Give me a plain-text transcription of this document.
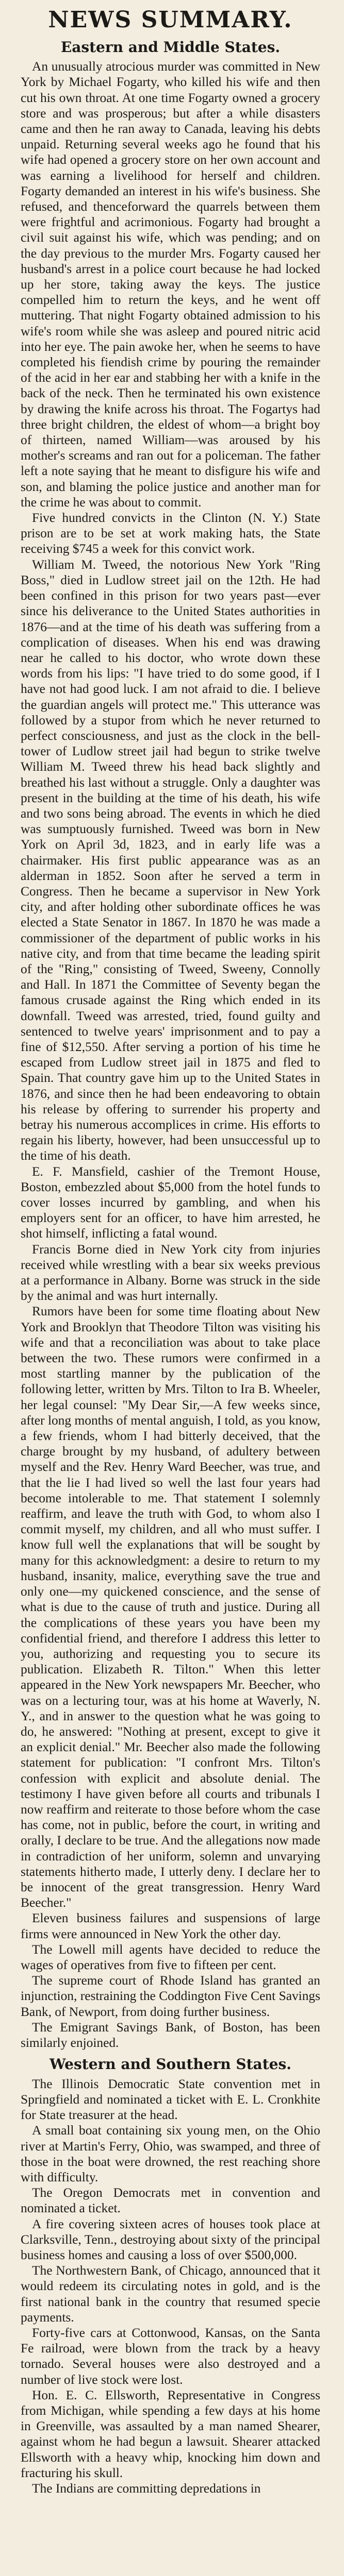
NEWS SUMMARY.
Eastern and Middle States.

An unusually atrocious murder was committed in New York by Michael Fogarty, who killed his wife and then cut his own throat. At one time Fogarty owned a grocery store and was prosperous; but after a while disasters came and then he ran away to Canada, leaving his debts unpaid. Returning several weeks ago he found that his wife had opened a grocery store on her own account and was earning a livelihood for herself and children. Fogarty demanded an interest in his wife's business. She refused, and thenceforward the quarrels between them were frightful and acrimonious. Fogarty had brought a civil suit against his wife, which was pending; and on the day previous to the murder Mrs. Fogarty caused her husband's arrest in a police court because he had locked up her store, taking away the keys. The justice compelled him to return the keys, and he went off muttering. That night Fogarty obtained admission to his wife's room while she was asleep and poured nitric acid into her eye. The pain awoke her, when he seems to have completed his fiendish crime by pouring the remainder of the acid in her ear and stabbing her with a knife in the back of the neck. Then he terminated his own existence by drawing the knife across his throat. The Fogartys had three bright children, the eldest of whom—a bright boy of thirteen, named William—was aroused by his mother's screams and ran out for a policeman. The father left a note saying that he meant to disfigure his wife and son, and blaming the police justice and another man for the crime he was about to commit.

Five hundred convicts in the Clinton (N. Y.) State prison are to be set at work making hats, the State receiving $745 a week for this convict work.

William M. Tweed, the notorious New York "Ring Boss," died in Ludlow street jail on the 12th. He had been confined in this prison for two years past—ever since his deliverance to the United States authorities in 1876—and at the time of his death was suffering from a complication of diseases. When his end was drawing near he called to his doctor, who wrote down these words from his lips: "I have tried to do some good, if I have not had good luck. I am not afraid to die. I believe the guardian angels will protect me." This utterance was followed by a stupor from which he never returned to perfect consciousness, and just as the clock in the bell-tower of Ludlow street jail had begun to strike twelve William M. Tweed threw his head back slightly and breathed his last without a struggle. Only a daughter was present in the building at the time of his death, his wife and two sons being abroad. The events in which he died was sumptuously furnished. Tweed was born in New York on April 3d, 1823, and in early life was a chairmaker. His first public appearance was as an alderman in 1852. Soon after he served a term in Congress. Then he became a supervisor in New York city, and after holding other subordinate offices he was elected a State Senator in 1867. In 1870 he was made a commissioner of the department of public works in his native city, and from that time became the leading spirit of the "Ring," consisting of Tweed, Sweeny, Connolly and Hall. In 1871 the Committee of Seventy began the famous crusade against the Ring which ended in its downfall. Tweed was arrested, tried, found guilty and sentenced to twelve years' imprisonment and to pay a fine of $12,550. After serving a portion of his time he escaped from Ludlow street jail in 1875 and fled to Spain. That country gave him up to the United States in 1876, and since then he had been endeavoring to obtain his release by offering to surrender his property and betray his numerous accomplices in crime. His efforts to regain his liberty, however, had been unsuccessful up to the time of his death.

E. F. Mansfield, cashier of the Tremont House, Boston, embezzled about $5,000 from the hotel funds to cover losses incurred by gambling, and when his employers sent for an officer, to have him arrested, he shot himself, inflicting a fatal wound.

Francis Borne died in New York city from injuries received while wrestling with a bear six weeks previous at a performance in Albany. Borne was struck in the side by the animal and was hurt internally.

Rumors have been for some time floating about New York and Brooklyn that Theodore Tilton was visiting his wife and that a reconciliation was about to take place between the two. These rumors were confirmed in a most startling manner by the publication of the following letter, written by Mrs. Tilton to Ira B. Wheeler, her legal counsel: "My Dear Sir,—A few weeks since, after long months of mental anguish, I told, as you know, a few friends, whom I had bitterly deceived, that the charge brought by my husband, of adultery between myself and the Rev. Henry Ward Beecher, was true, and that the lie I had lived so well the last four years had become intolerable to me. That statement I solemnly reaffirm, and leave the truth with God, to whom also I commit myself, my children, and all who must suffer. I know full well the explanations that will be sought by many for this acknowledgment: a desire to return to my husband, insanity, malice, everything save the true and only one—my quickened conscience, and the sense of what is due to the cause of truth and justice. During all the complications of these years you have been my confidential friend, and therefore I address this letter to you, authorizing and requesting you to secure its publication. Elizabeth R. Tilton." When this letter appeared in the New York newspapers Mr. Beecher, who was on a lecturing tour, was at his home at Waverly, N. Y., and in answer to the question what he was going to do, he answered: "Nothing at present, except to give it an explicit denial." Mr. Beecher also made the following statement for publication: "I confront Mrs. Tilton's confession with explicit and absolute denial. The testimony I have given before all courts and tribunals I now reaffirm and reiterate to those before whom the case has come, not in public, before the court, in writing and orally, I declare to be true. And the allegations now made in contradiction of her uniform, solemn and unvarying statements hitherto made, I utterly deny. I declare her to be innocent of the great transgression. Henry Ward Beecher."

Eleven business failures and suspensions of large firms were announced in New York the other day.

The Lowell mill agents have decided to reduce the wages of operatives from five to fifteen per cent.

The supreme court of Rhode Island has granted an injunction, restraining the Coddington Five Cent Savings Bank, of Newport, from doing further business.

The Emigrant Savings Bank, of Boston, has been similarly enjoined.

Western and Southern States.

The Illinois Democratic State convention met in Springfield and nominated a ticket with E. L. Cronkhite for State treasurer at the head.

A small boat containing six young men, on the Ohio river at Martin's Ferry, Ohio, was swamped, and three of those in the boat were drowned, the rest reaching shore with difficulty.

The Oregon Democrats met in convention and nominated a ticket.

A fire covering sixteen acres of houses took place at Clarksville, Tenn., destroying about sixty of the principal business homes and causing a loss of over $500,000.

The Northwestern Bank, of Chicago, announced that it would redeem its circulating notes in gold, and is the first national bank in the country that resumed specie payments.

Forty-five cars at Cottonwood, Kansas, on the Santa Fe railroad, were blown from the track by a heavy tornado. Several houses were also destroyed and a number of live stock were lost.

Hon. E. C. Ellsworth, Representative in Congress from Michigan, while spending a few days at his home in Greenville, was assaulted by a man named Shearer, against whom he had begun a lawsuit. Shearer attacked Ellsworth with a heavy whip, knocking him down and fracturing his skull.

The Indians are committing depredations in
